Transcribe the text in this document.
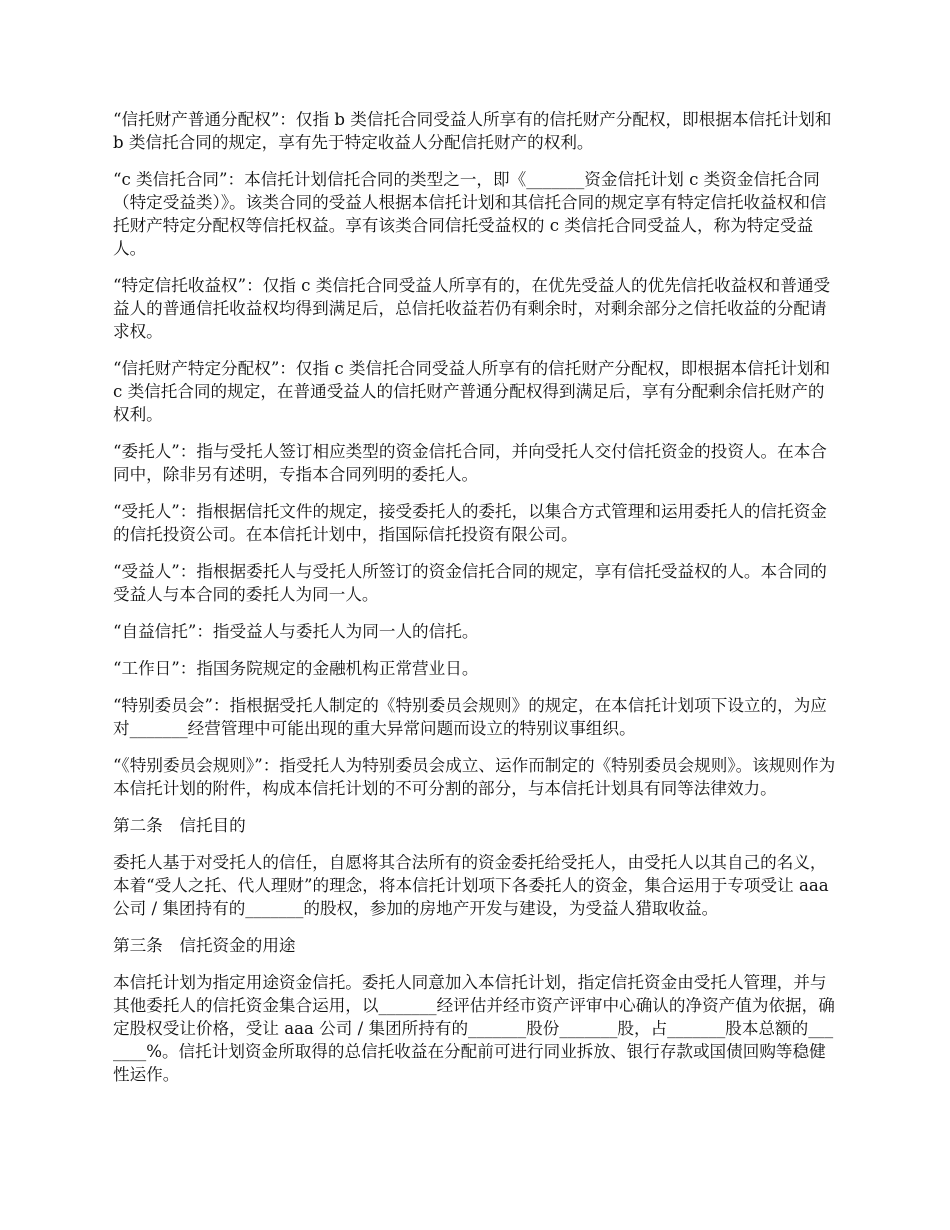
“信托财产普通分配权”：仅指 b 类信托合同受益人所享有的信托财产分配权，即根据本信托计划和 b 类信托合同的规定，享有先于特定收益人分配信托财产的权利。

“c 类信托合同”：本信托计划信托合同的类型之一，即《_______资金信托计划 c 类资金信托合同（特定受益类）》。该类合同的受益人根据本信托计划和其信托合同的规定享有特定信托收益权和信托财产特定分配权等信托权益。享有该类合同信托受益权的 c 类信托合同受益人，称为特定受益人。

“特定信托收益权”：仅指 c 类信托合同受益人所享有的，在优先受益人的优先信托收益权和普通受益人的普通信托收益权均得到满足后，总信托收益若仍有剩余时，对剩余部分之信托收益的分配请求权。

“信托财产特定分配权”：仅指 c 类信托合同受益人所享有的信托财产分配权，即根据本信托计划和 c 类信托合同的规定，在普通受益人的信托财产普通分配权得到满足后，享有分配剩余信托财产的权利。

“委托人”：指与受托人签订相应类型的资金信托合同，并向受托人交付信托资金的投资人。在本合同中，除非另有述明，专指本合同列明的委托人。

“受托人”：指根据信托文件的规定，接受委托人的委托，以集合方式管理和运用委托人的信托资金的信托投资公司。在本信托计划中，指国际信托投资有限公司。

“受益人”：指根据委托人与受托人所签订的资金信托合同的规定，享有信托受益权的人。本合同的受益人与本合同的委托人为同一人。

“自益信托”：指受益人与委托人为同一人的信托。

“工作日”：指国务院规定的金融机构正常营业日。

“特别委员会”：指根据受托人制定的《特别委员会规则》的规定，在本信托计划项下设立的，为应对_______经营管理中可能出现的重大异常问题而设立的特别议事组织。

“《特别委员会规则》”：指受托人为特别委员会成立、运作而制定的《特别委员会规则》。该规则作为本信托计划的附件，构成本信托计划的不可分割的部分，与本信托计划具有同等法律效力。

第二条　信托目的

委托人基于对受托人的信任，自愿将其合法所有的资金委托给受托人，由受托人以其自己的名义，本着“受人之托、代人理财”的理念，将本信托计划项下各委托人的资金，集合运用于专项受让 aaa 公司 / 集团持有的_______的股权，参加的房地产开发与建设，为受益人猎取收益。

第三条　信托资金的用途

本信托计划为指定用途资金信托。委托人同意加入本信托计划，指定信托资金由受托人管理，并与其他委托人的信托资金集合运用，以_______经评估并经市资产评审中心确认的净资产值为依据，确定股权受让价格，受让 aaa 公司 / 集团所持有的_______股份_______股，占_______股本总额的_______%。信托计划资金所取得的总信托收益在分配前可进行同业拆放、银行存款或国债回购等稳健性运作。
